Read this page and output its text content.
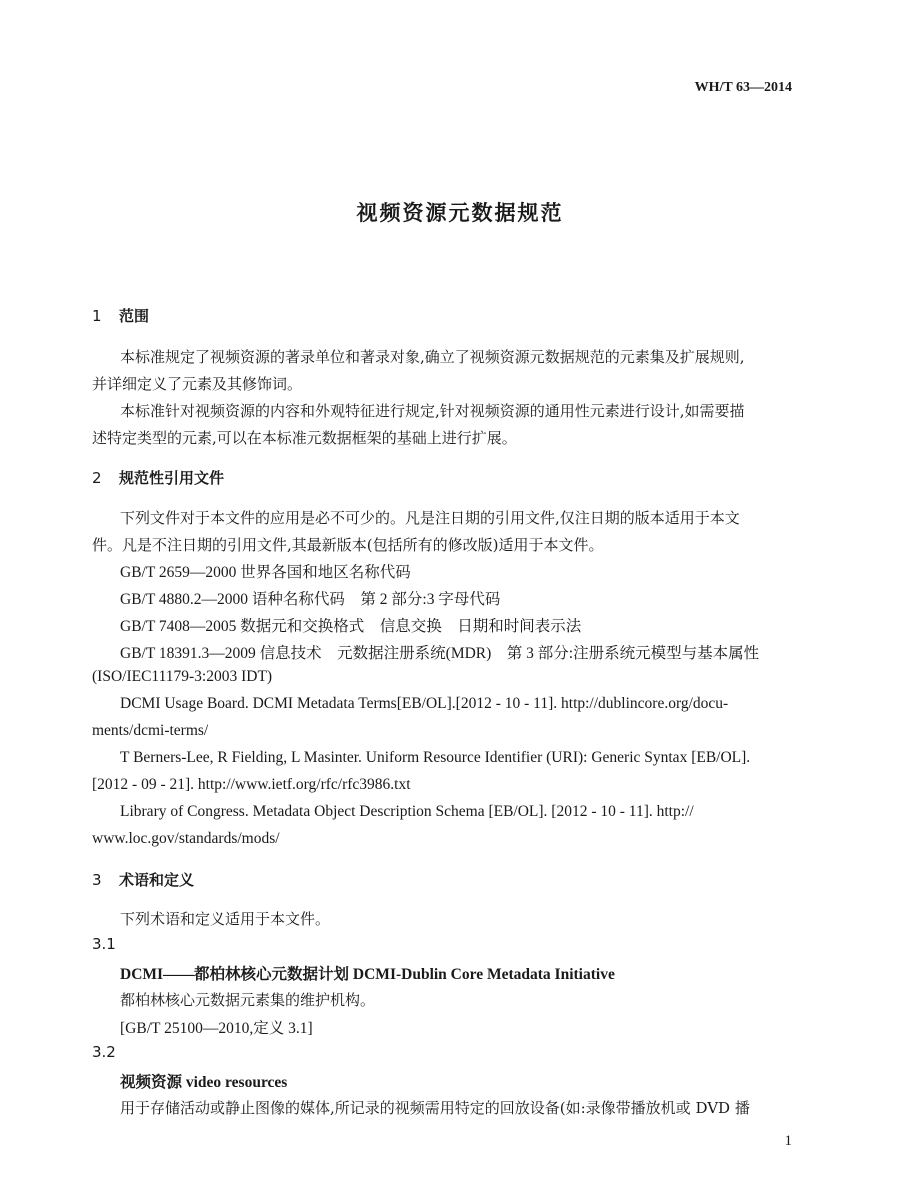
WH/T 63—2014
视频资源元数据规范
1 范围
本标准规定了视频资源的著录单位和著录对象,确立了视频资源元数据规范的元素集及扩展规则,
并详细定义了元素及其修饰词。
本标准针对视频资源的内容和外观特征进行规定,针对视频资源的通用性元素进行设计,如需要描
述特定类型的元素,可以在本标准元数据框架的基础上进行扩展。
2 规范性引用文件
下列文件对于本文件的应用是必不可少的。凡是注日期的引用文件,仅注日期的版本适用于本文
件。凡是不注日期的引用文件,其最新版本(包括所有的修改版)适用于本文件。
GB/T 2659—2000 世界各国和地区名称代码
GB/T 4880.2—2000 语种名称代码　第 2 部分:3 字母代码
GB/T 7408—2005 数据元和交换格式　信息交换　日期和时间表示法
GB/T 18391.3—2009 信息技术　元数据注册系统(MDR)　第 3 部分:注册系统元模型与基本属性
(ISO/IEC11179-3:2003 IDT)
DCMI Usage Board. DCMI Metadata Terms[EB/OL].[2012 - 10 - 11]. http://dublincore.org/docu-
ments/dcmi-terms/
T Berners-Lee, R Fielding, L Masinter. Uniform Resource Identifier (URI): Generic Syntax [EB/OL].
[2012 - 09 - 21]. http://www.ietf.org/rfc/rfc3986.txt
Library of Congress. Metadata Object Description Schema [EB/OL]. [2012 - 10 - 11]. http://
www.loc.gov/standards/mods/
3 术语和定义
下列术语和定义适用于本文件。
3.1
DCMI——都柏林核心元数据计划 DCMI-Dublin Core Metadata Initiative
都柏林核心元数据元素集的维护机构。
[GB/T 25100—2010,定义 3.1]
3.2
视频资源 video resources
用于存储活动或静止图像的媒体,所记录的视频需用特定的回放设备(如:录像带播放机或 DVD 播
1
